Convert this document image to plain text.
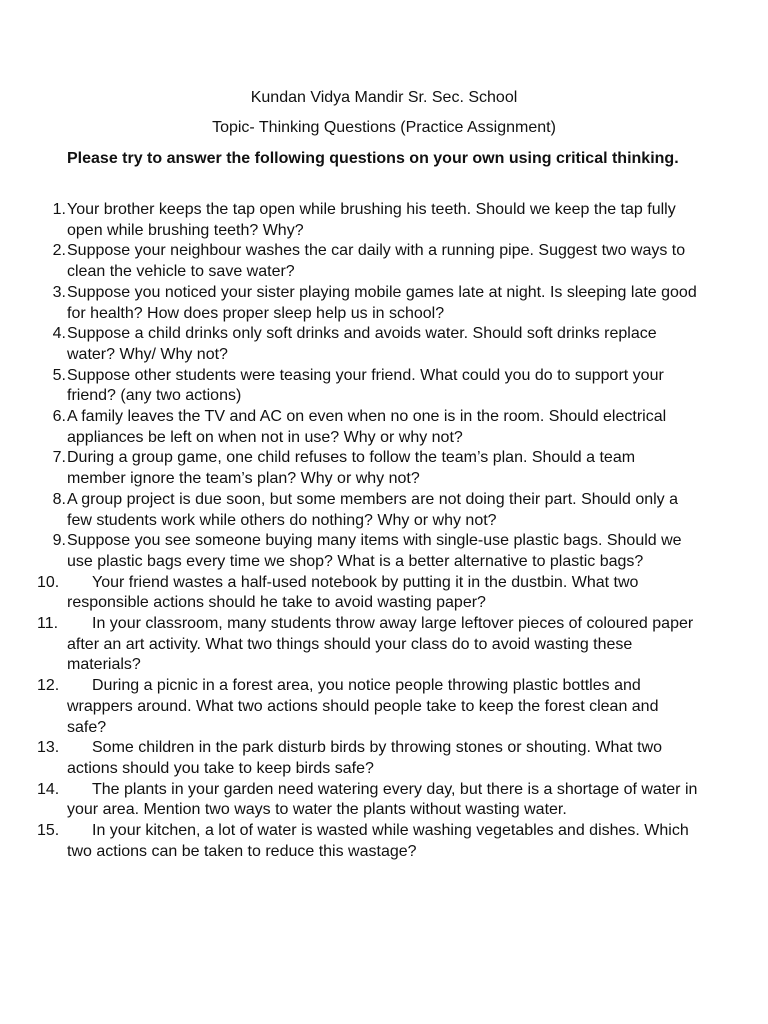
Kundan Vidya Mandir Sr. Sec. School
Topic- Thinking Questions (Practice Assignment)
Please try to answer the following questions on your own using critical thinking.
1. Your brother keeps the tap open while brushing his teeth. Should we keep the tap fully open while brushing teeth? Why?
2. Suppose your neighbour washes the car daily with a running pipe. Suggest two ways to clean the vehicle to save water?
3. Suppose you noticed your sister playing mobile games late at night. Is sleeping late good for health? How does proper sleep help us in school?
4. Suppose a child drinks only soft drinks and avoids water. Should soft drinks replace water? Why/ Why not?
5. Suppose other students were teasing your friend. What could you do to support your friend? (any two actions)
6. A family leaves the TV and AC on even when no one is in the room. Should electrical appliances be left on when not in use? Why or why not?
7. During a group game, one child refuses to follow the team’s plan. Should a team member ignore the team’s plan? Why or why not?
8. A group project is due soon, but some members are not doing their part. Should only a few students work while others do nothing? Why or why not?
9. Suppose you see someone buying many items with single-use plastic bags. Should we use plastic bags every time we shop? What is a better alternative to plastic bags?
10. Your friend wastes a half-used notebook by putting it in the dustbin. What two responsible actions should he take to avoid wasting paper?
11. In your classroom, many students throw away large leftover pieces of coloured paper after an art activity. What two things should your class do to avoid wasting these materials?
12. During a picnic in a forest area, you notice people throwing plastic bottles and wrappers around. What two actions should people take to keep the forest clean and safe?
13. Some children in the park disturb birds by throwing stones or shouting. What two actions should you take to keep birds safe?
14. The plants in your garden need watering every day, but there is a shortage of water in your area. Mention two ways to water the plants without wasting water.
15. In your kitchen, a lot of water is wasted while washing vegetables and dishes. Which two actions can be taken to reduce this wastage?
